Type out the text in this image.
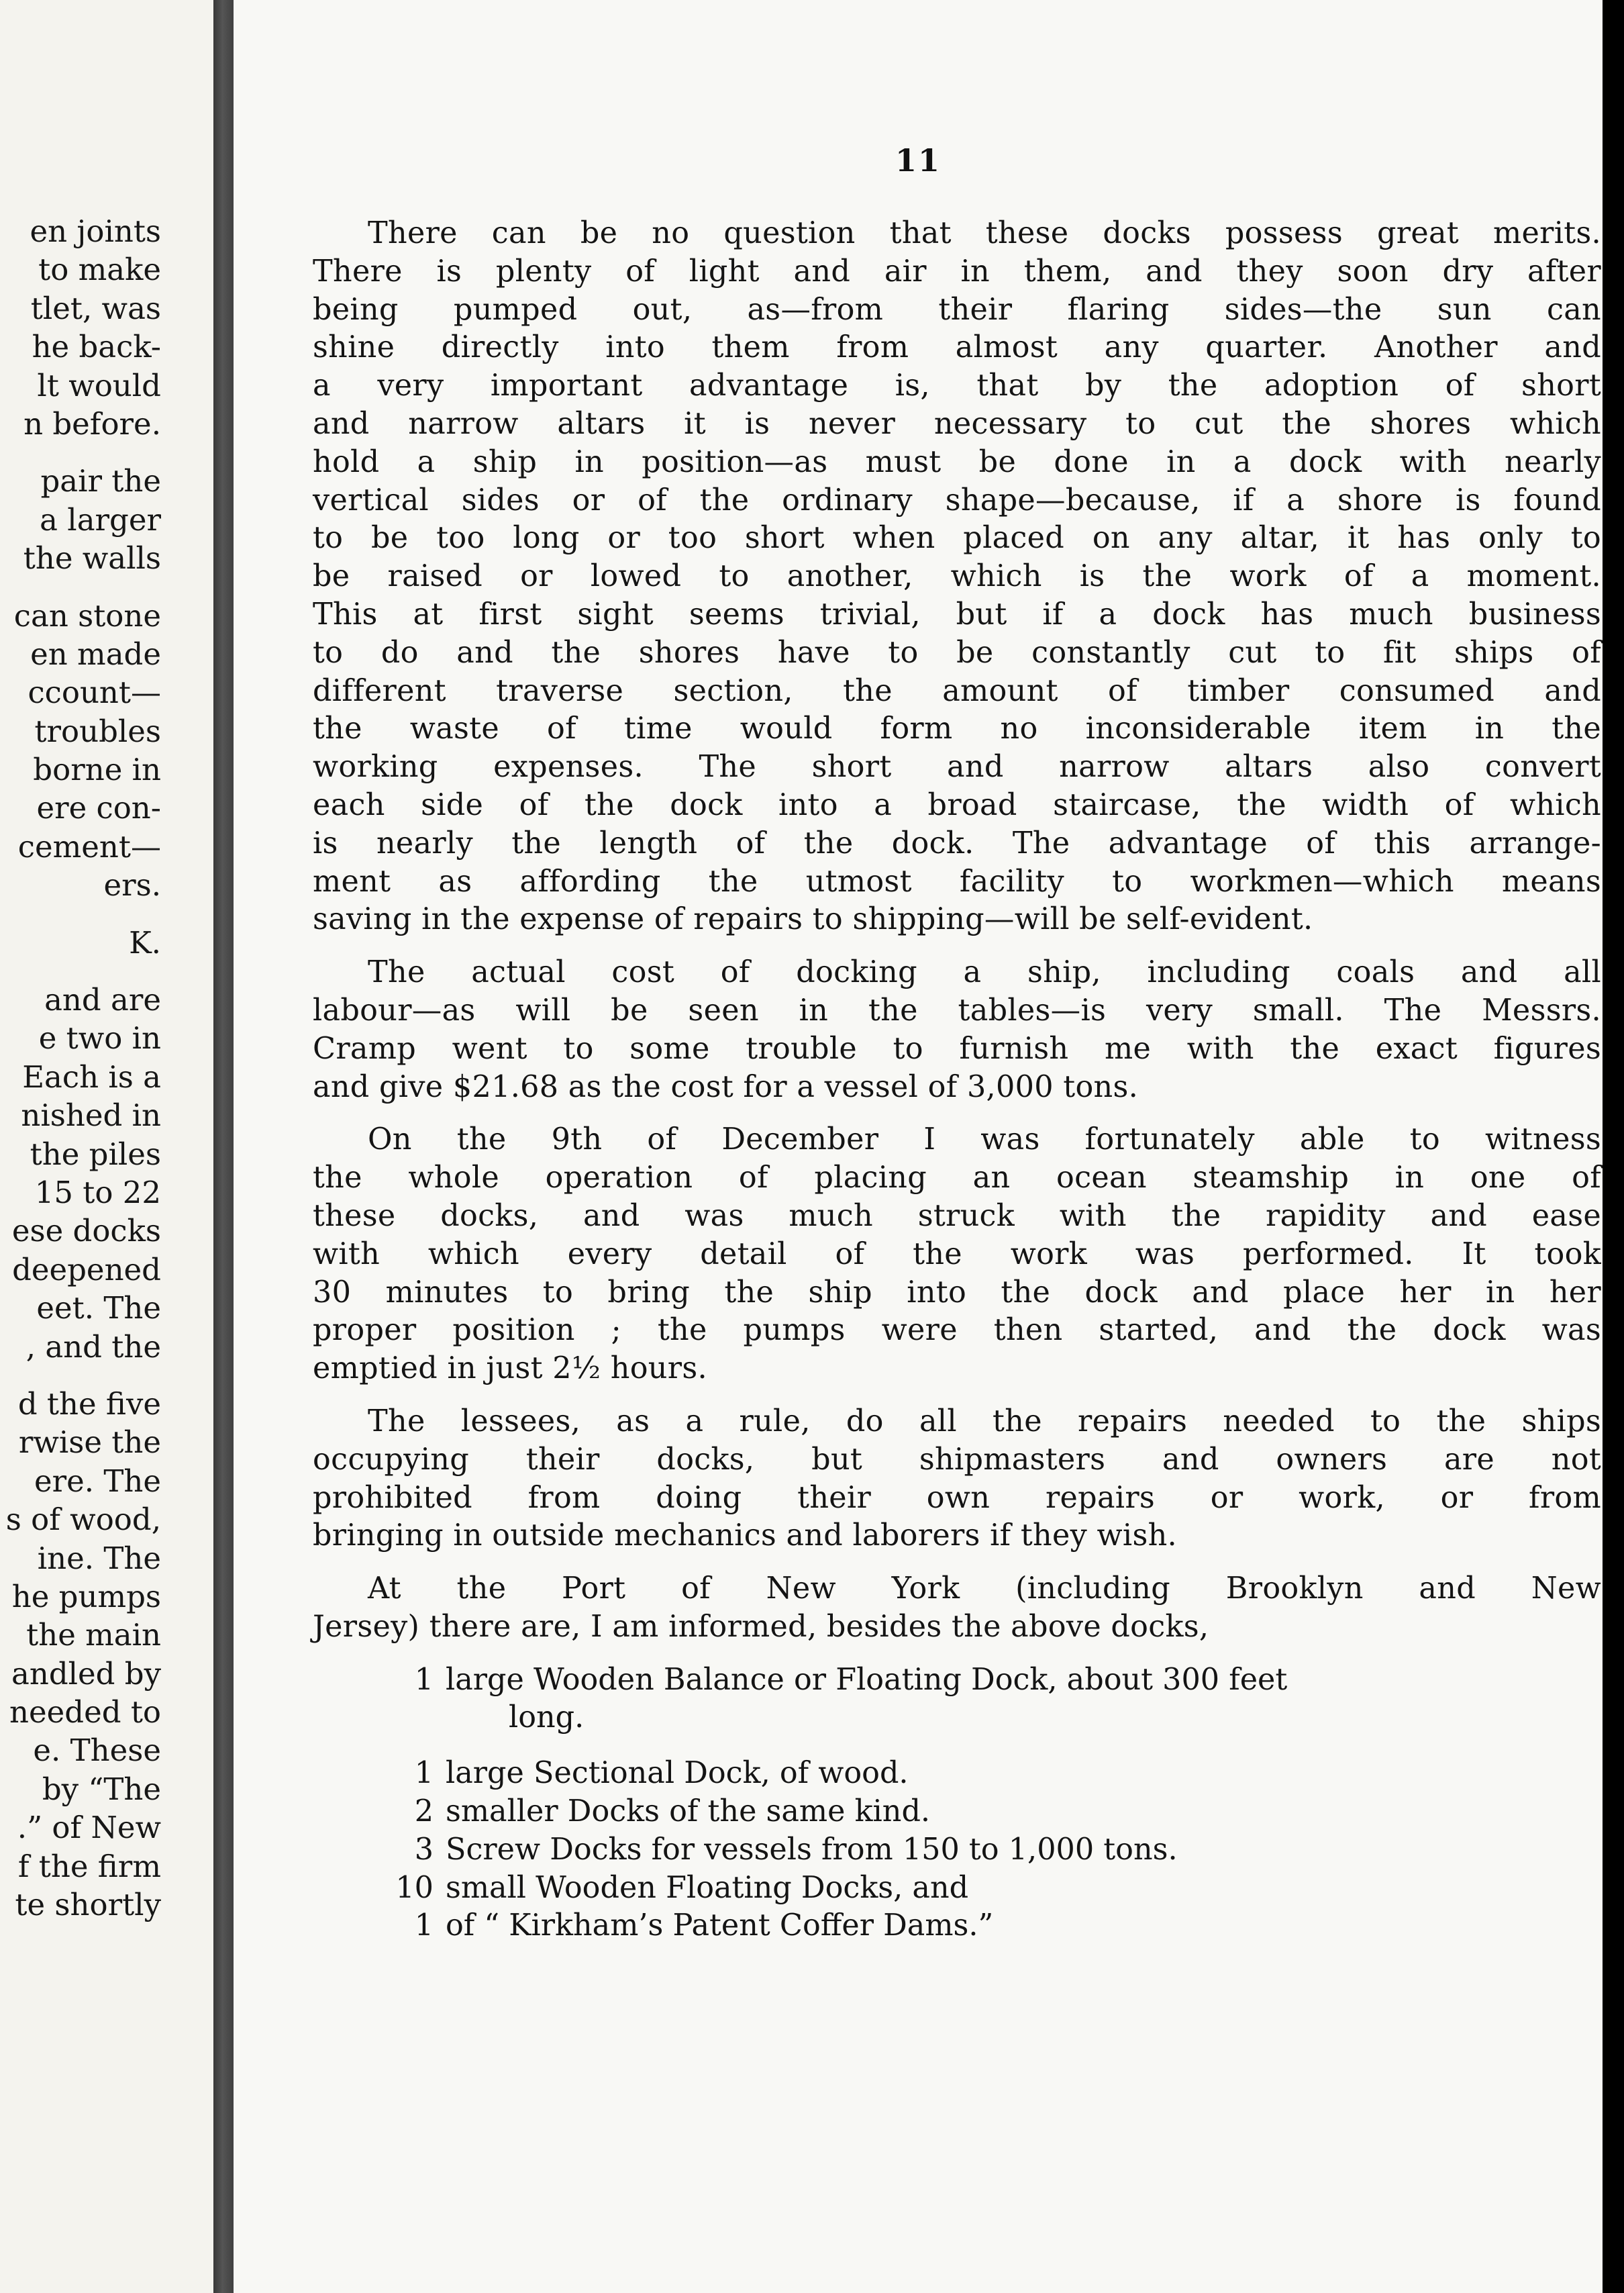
en joints
to make
tlet, was
he back-
lt would
n before.
pair the
a larger
the walls
can stone
en made
ccount—
troubles
borne in
ere con-
cement—
ers.
K.
and are
e two in
Each is a
nished in
the piles
15 to 22
ese docks
deepened
eet. The
, and the
d the five
rwise the
ere. The
s of wood,
ine. The
he pumps
the main
andled by
needed to
e. These
by “The
.” of New
f the firm
te shortly
11
There can be no question that these docks possess great merits.
There is plenty of light and air in them, and they soon dry after
being pumped out, as—from their flaring sides—the sun can
shine directly into them from almost any quarter. Another and
a very important advantage is, that by the adoption of short
and narrow altars it is never necessary to cut the shores which
hold a ship in position—as must be done in a dock with nearly
vertical sides or of the ordinary shape—because, if a shore is found
to be too long or too short when placed on any altar, it has only to
be raised or lowed to another, which is the work of a moment.
This at first sight seems trivial, but if a dock has much business
to do and the shores have to be constantly cut to fit ships of
different traverse section, the amount of timber consumed and
the waste of time would form no inconsiderable item in the
working expenses. The short and narrow altars also convert
each side of the dock into a broad staircase, the width of which
is nearly the length of the dock. The advantage of this arrange-
ment as affording the utmost facility to workmen—which means
saving in the expense of repairs to shipping—will be self-evident.
The actual cost of docking a ship, including coals and all
labour—as will be seen in the tables—is very small. The Messrs.
Cramp went to some trouble to furnish me with the exact figures
and give $21.68 as the cost for a vessel of 3,000 tons.
On the 9th of December I was fortunately able to witness
the whole operation of placing an ocean steamship in one of
these docks, and was much struck with the rapidity and ease
with which every detail of the work was performed. It took
30 minutes to bring the ship into the dock and place her in her
proper position ; the pumps were then started, and the dock was
emptied in just 2½ hours.
The lessees, as a rule, do all the repairs needed to the ships
occupying their docks, but shipmasters and owners are not
prohibited from doing their own repairs or work, or from
bringing in outside mechanics and laborers if they wish.
At the Port of New York (including Brooklyn and New
Jersey) there are, I am informed, besides the above docks,
1 large Wooden Balance or Floating Dock, about 300 feet
long.
1 large Sectional Dock, of wood.
2 smaller Docks of the same kind.
3 Screw Docks for vessels from 150 to 1,000 tons.
10 small Wooden Floating Docks, and
1 of “ Kirkham’s Patent Coffer Dams.”
